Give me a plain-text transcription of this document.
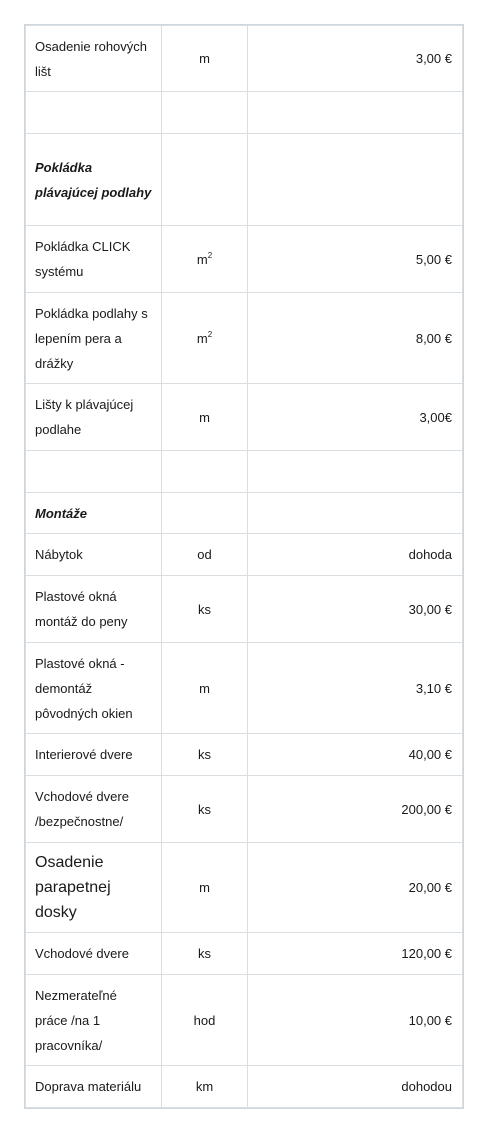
Osadenie rohových lišt	m	3,00 €

Pokládka plávajúcej podlahy		
Pokládka CLICK systému	$m^2$	5,00 €
Pokládka podlahy s lepením pera a drážky	$m^2$	8,00 €
Lišty k plávajúcej podlahe	m	3,00€

Montáže		
Nábytok	od	dohoda
Plastové okná montáž do peny	ks	30,00 €
Plastové okná - demontáž pôvodných okien	m	3,10 €
Interierové dvere	ks	40,00 €
Vchodové dvere /bezpečnostne/	ks	200,00 €
Osadenie parapetnej dosky	m	20,00 €
Vchodové dvere	ks	120,00 €
Nezmerateľné práce /na 1 pracovníka/	hod	10,00 €
Doprava materiálu	km	dohodou
